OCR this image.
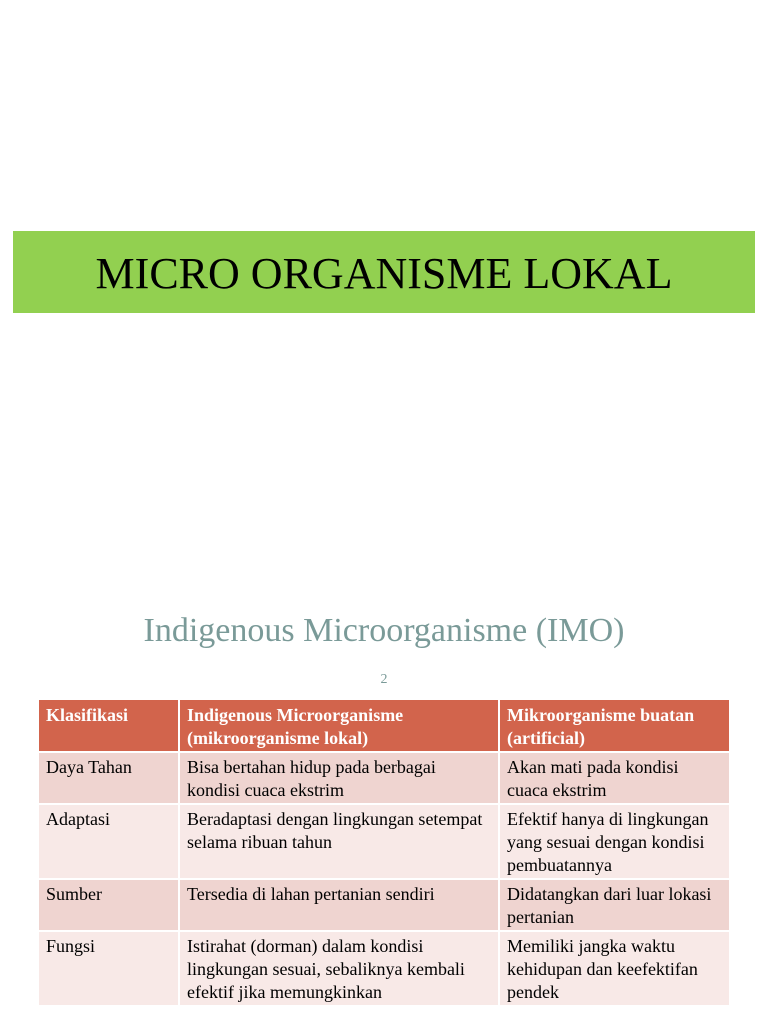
MICRO ORGANISME LOKAL
Indigenous Microorganisme (IMO)
2
Klasifikasi	Indigenous Microorganisme (mikroorganisme lokal)	Mikroorganisme buatan (artificial)
Daya Tahan	Bisa bertahan hidup pada berbagai kondisi cuaca ekstrim	Akan mati pada kondisi cuaca ekstrim
Adaptasi	Beradaptasi dengan lingkungan setempat selama ribuan tahun	Efektif hanya di lingkungan yang sesuai dengan kondisi pembuatannya
Sumber	Tersedia di lahan pertanian sendiri	Didatangkan dari luar lokasi pertanian
Fungsi	Istirahat (dorman) dalam kondisi lingkungan sesuai, sebaliknya kembali efektif jika memungkinkan	Memiliki jangka waktu kehidupan dan keefektifan pendek
